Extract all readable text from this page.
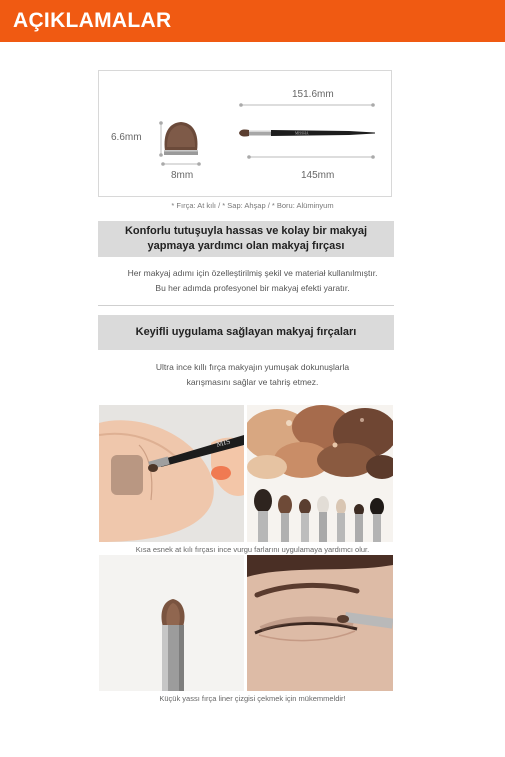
AÇIKLAMALAR
MISSHA
6.6mm
8mm
151.6mm
145mm
* Fırça: At kılı / * Sap: Ahşap / * Boru: Alüminyum
Konforlu tutuşuyla hassas ve kolay bir makyaj
yapmaya yardımcı olan makyaj fırçası
Her makyaj adımı için özelleştirilmiş şekil ve materiał kullanılmıştır.
Bu her adımda profesyonel bir makyaj efekti yaratır.
Keyifli uygulama sağlayan makyaj fırçaları
Ultra ince kıllı fırça makyajın yumuşak dokunuşlarla
karışmasını sağlar ve tahriş etmez.
MIS
Kısa esnek at kılı fırçası ince vurgu farlarını uygulamaya yardımcı olur.
Küçük yassı fırça liner çizgisi çekmek için mükemmeldir!
